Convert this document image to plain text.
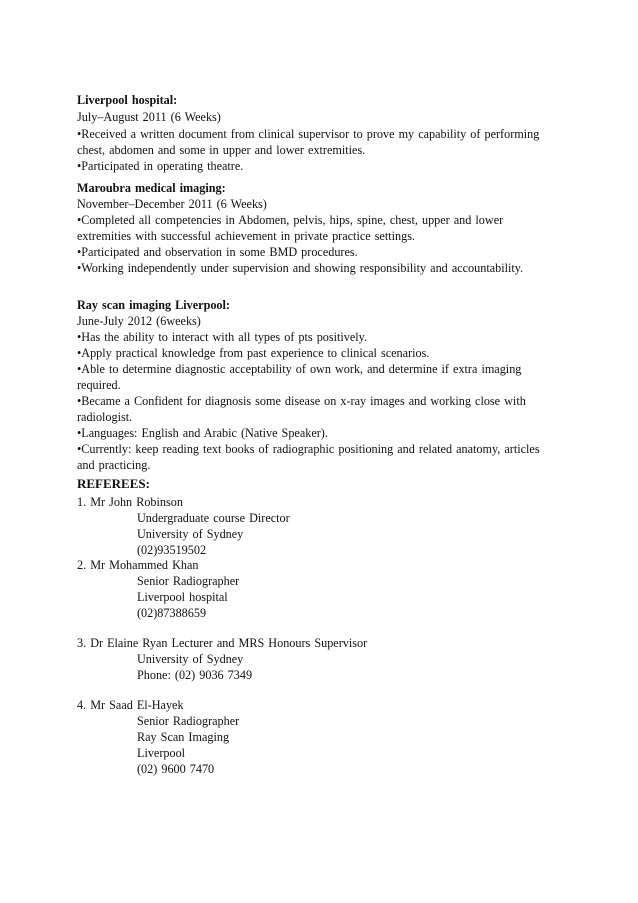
Liverpool hospital:
July–August 2011 (6 Weeks)
•Received a written document from clinical supervisor to prove my capability of performing
chest, abdomen and some in upper and lower extremities.
•Participated in operating theatre.
Maroubra medical imaging:
November–December 2011 (6 Weeks)
•Completed all competencies in Abdomen, pelvis, hips, spine, chest, upper and lower
extremities with successful achievement in private practice settings.
•Participated and observation in some BMD procedures.
•Working independently under supervision and showing responsibility and accountability.
Ray scan imaging Liverpool:
June-July 2012 (6weeks)
•Has the ability to interact with all types of pts positively.
•Apply practical knowledge from past experience to clinical scenarios.
•Able to determine diagnostic acceptability of own work, and determine if extra imaging
required.
•Became a Confident for diagnosis some disease on x-ray images and working close with
radiologist.
•Languages: English and Arabic (Native Speaker).
•Currently: keep reading text books of radiographic positioning and related anatomy, articles
and practicing.
REFEREES:
1. Mr John Robinson
Undergraduate course Director
University of Sydney
(02)93519502
2. Mr Mohammed Khan
Senior Radiographer
Liverpool hospital
(02)87388659
3. Dr Elaine Ryan Lecturer and MRS Honours Supervisor
University of Sydney
Phone: (02) 9036 7349
4. Mr Saad El-Hayek
Senior Radiographer
Ray Scan Imaging
Liverpool
(02) 9600 7470
